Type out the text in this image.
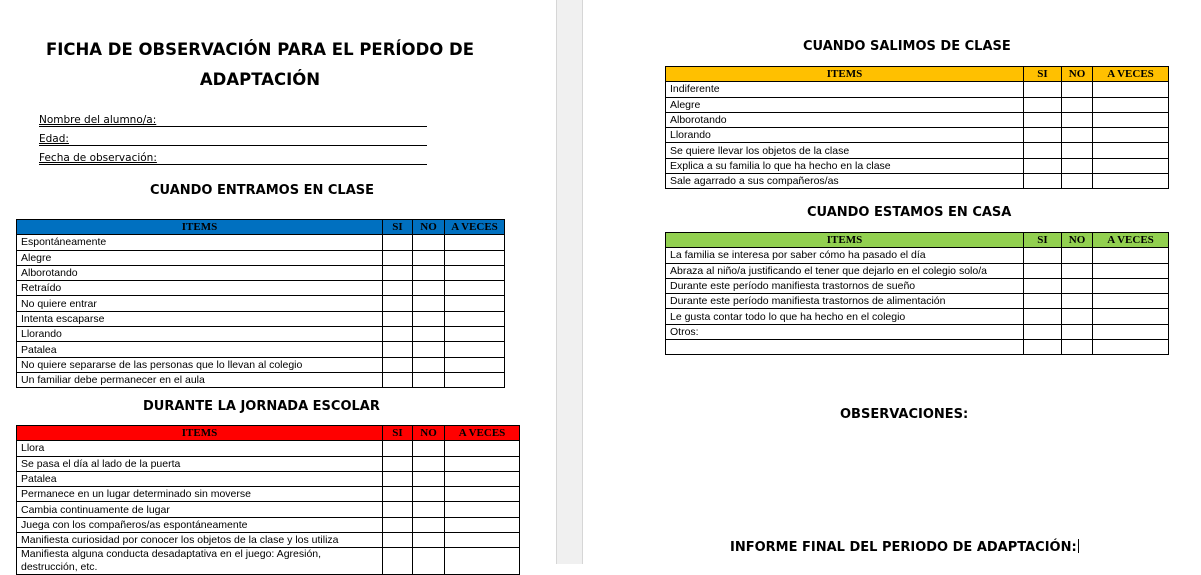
FICHA DE OBSERVACIÓN PARA EL PERÍODO DE
ADAPTACIÓN
Nombre del alumno/a:
Edad:
Fecha de observación:
CUANDO ENTRAMOS EN CLASE
ITEMS	SI	NO	A VECES
Espontáneamente			
Alegre			
Alborotando			
Retraído			
No quiere entrar			
Intenta escaparse			
Llorando			
Patalea			
No quiere separarse de las personas que lo llevan al colegio			
Un familiar debe permanecer en el aula			
DURANTE LA JORNADA ESCOLAR
ITEMS	SI	NO	A VECES
Llora			
Se pasa el día al lado de la puerta			
Patalea			
Permanece en un lugar determinado sin moverse			
Cambia continuamente de lugar			
Juega con los compañeros/as espontáneamente			
Manifiesta curiosidad por conocer los objetos de la clase y los utiliza			
Manifiesta alguna conducta desadaptativa en el juego: Agresión, destrucción, etc.			
CUANDO SALIMOS DE CLASE
ITEMS	SI	NO	A VECES
Indiferente			
Alegre			
Alborotando			
Llorando			
Se quiere llevar los objetos de la clase			
Explica a su familia lo que ha hecho en la clase			
Sale agarrado a sus compañeros/as			
CUANDO ESTAMOS EN CASA
ITEMS	SI	NO	A VECES
La familia se interesa por saber cómo ha pasado el día			
Abraza al niño/a justificando el tener que dejarlo en el colegio solo/a			
Durante este período manifiesta trastornos de sueño			
Durante este período manifiesta trastornos de alimentación			
Le gusta contar todo lo que ha hecho en el colegio			
Otros:			

OBSERVACIONES:
INFORME FINAL DEL PERIODO DE ADAPTACIÓN:
